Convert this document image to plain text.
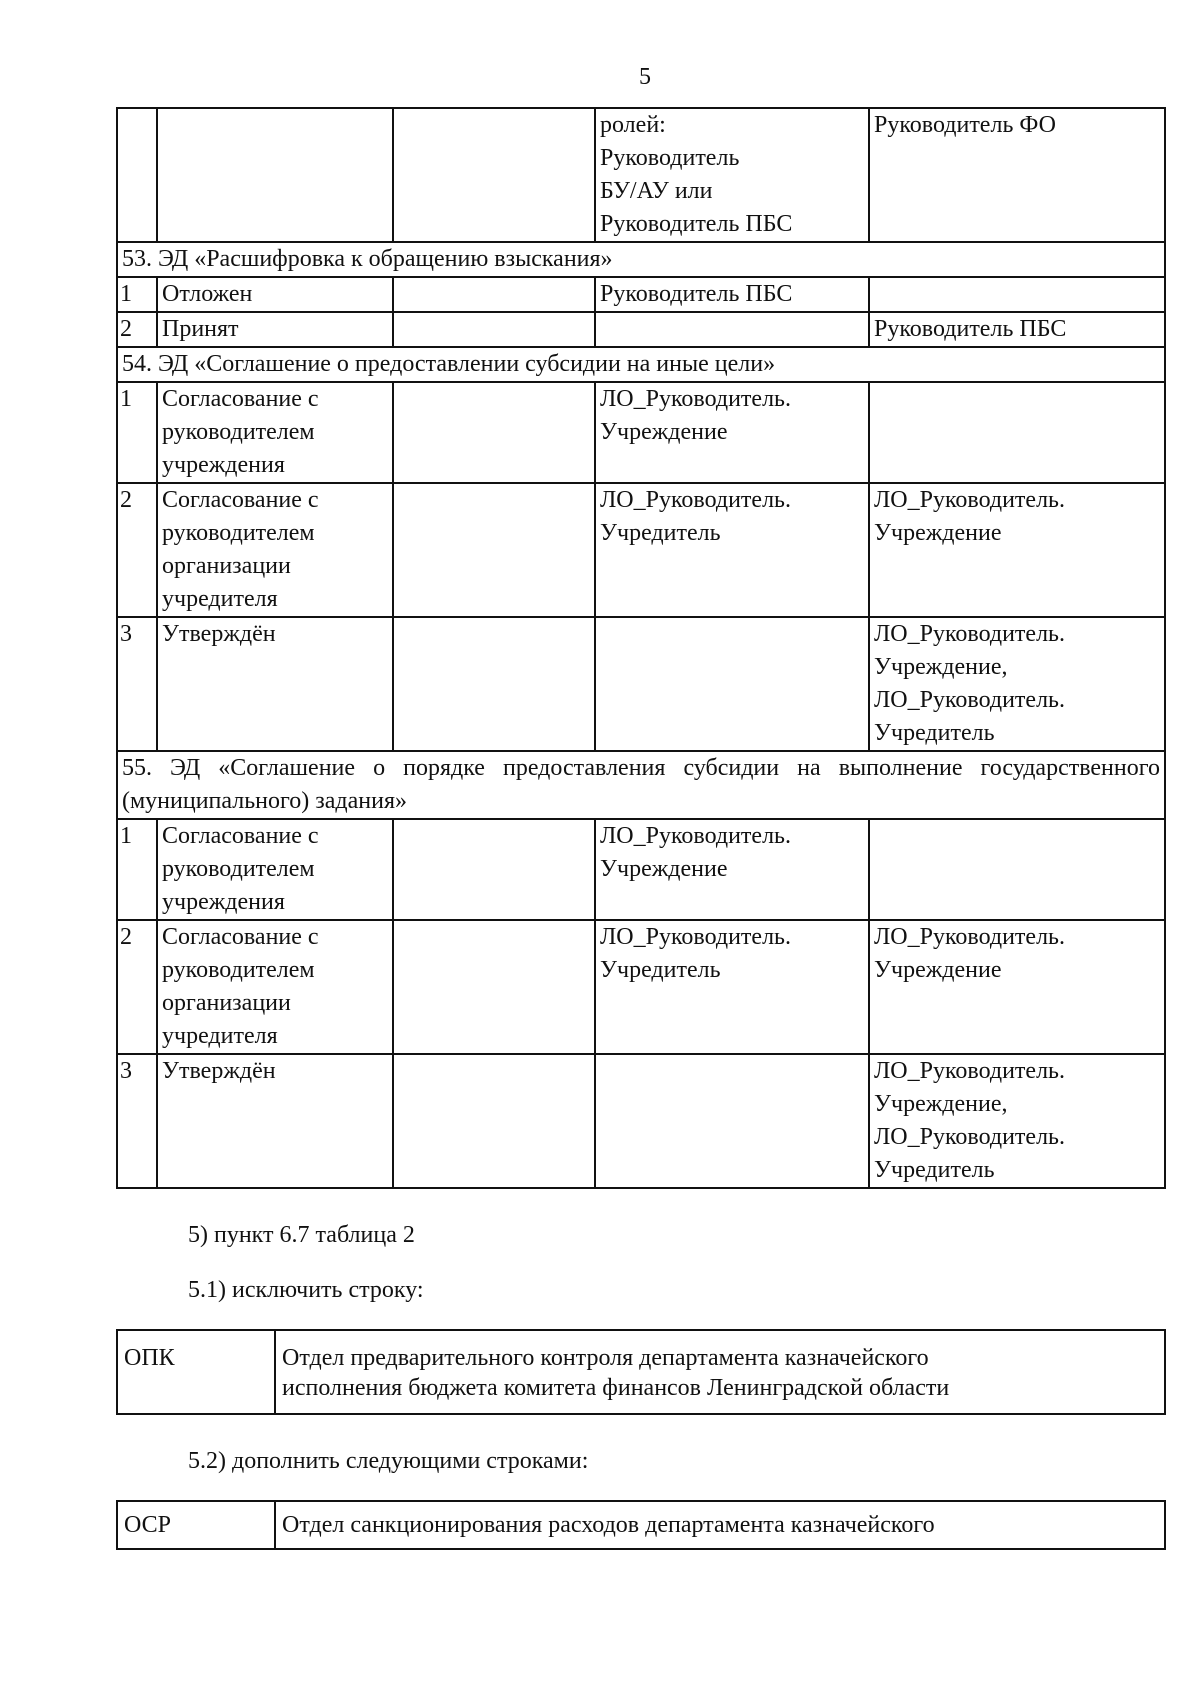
5
			ролей:
Руководитель
БУ/АУ или
Руководитель ПБС	Руководитель ФО
53. ЭД «Расшифровка к обращению взыскания»				
1	Отложен		Руководитель ПБС	
2	Принят			Руководитель ПБС
54. ЭД «Соглашение о предоставлении субсидии на иные цели»				
1	Согласование с
руководителем
учреждения		ЛО_Руководитель.
Учреждение	
2	Согласование с
руководителем
организации
учредителя		ЛО_Руководитель.
Учредитель	ЛО_Руководитель.
Учреждение
3	Утверждён			ЛО_Руководитель.
Учреждение,
ЛО_Руководитель.
Учредитель
55. ЭД «Соглашение о порядке предоставления субсидии на выполнение государственного (муниципального) задания»				
1	Согласование с
руководителем
учреждения		ЛО_Руководитель.
Учреждение	
2	Согласование с
руководителем
организации
учредителя		ЛО_Руководитель.
Учредитель	ЛО_Руководитель.
Учреждение
3	Утверждён			ЛО_Руководитель.
Учреждение,
ЛО_Руководитель.
Учредитель
5) пункт 6.7 таблица 2
5.1) исключить строку:
ОПК	Отдел предварительного контроля департамента казначейского
исполнения бюджета комитета финансов Ленинградской области
5.2) дополнить следующими строками:
ОСР	Отдел санкционирования расходов департамента казначейского
